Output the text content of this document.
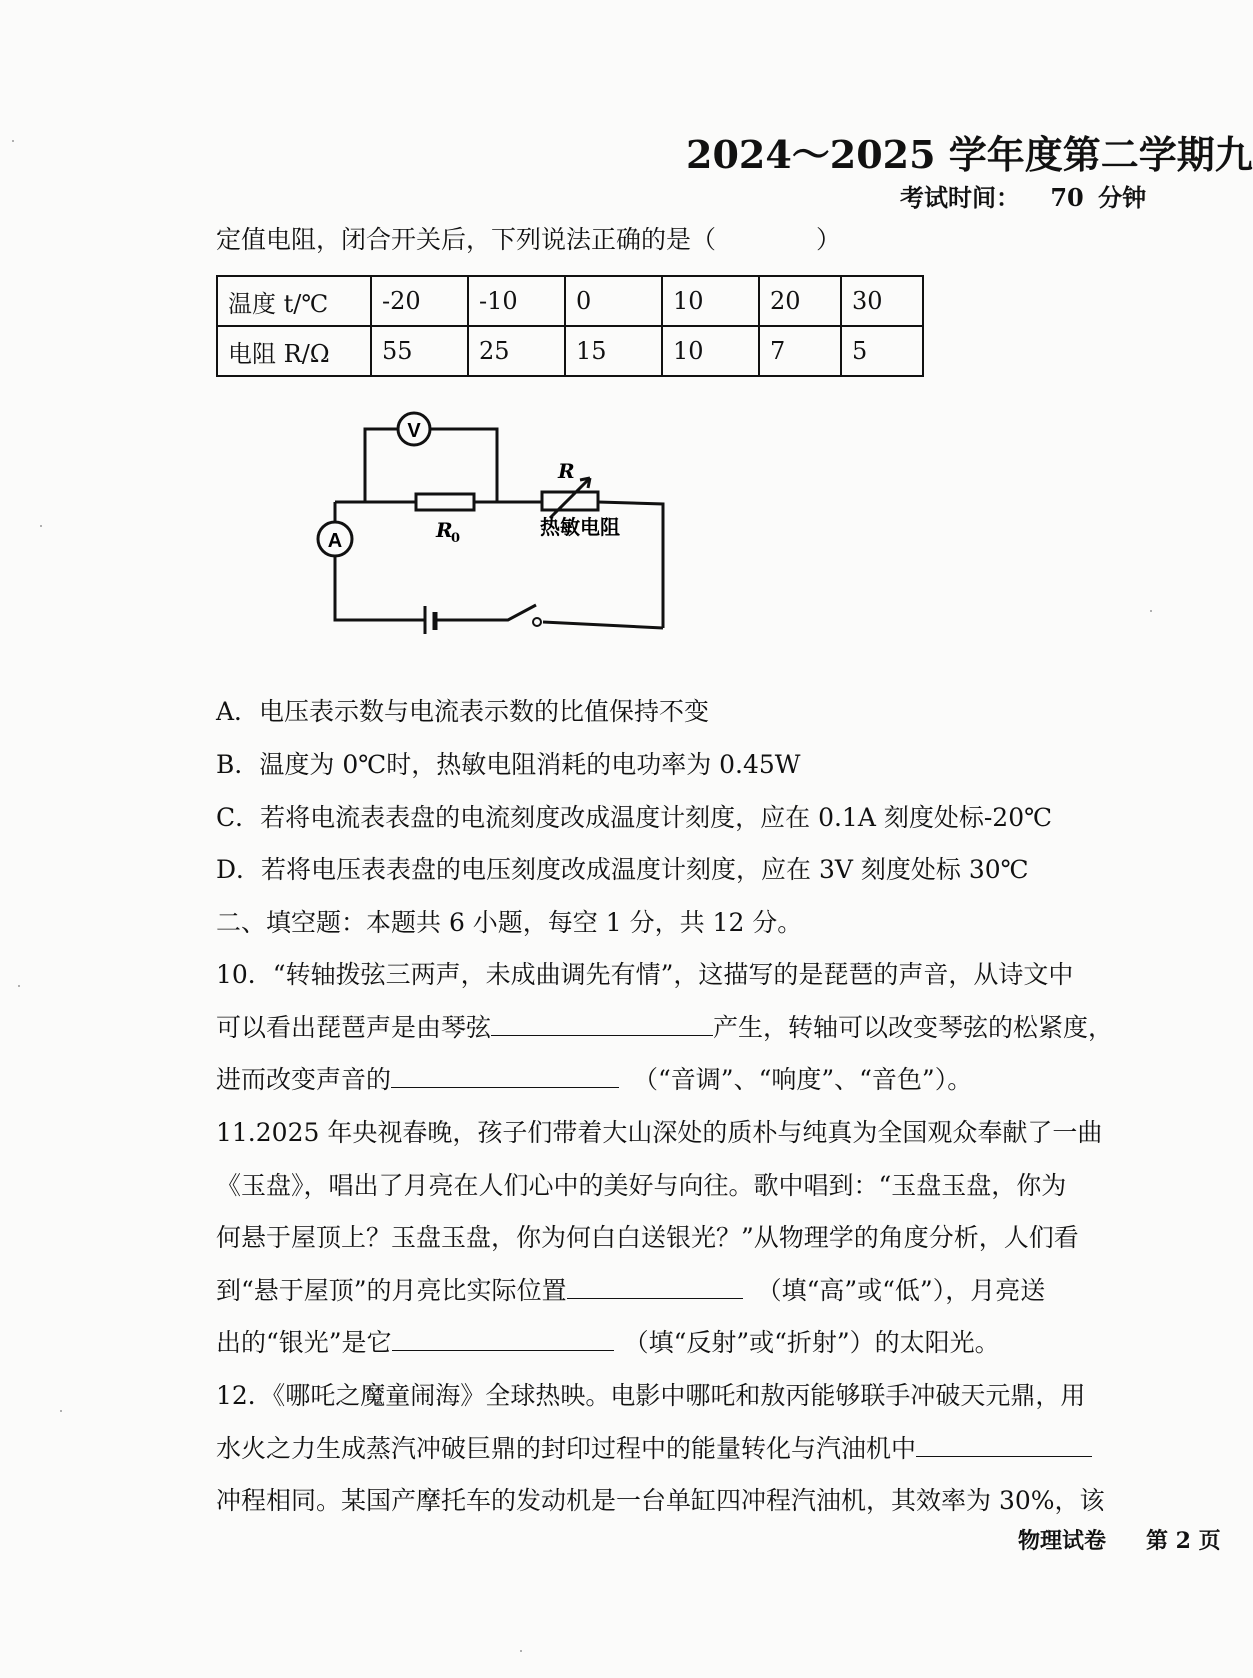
2024～2025 学年度第二学期九
考试时间： 70 分钟
定值电阻，闭合开关后，下列说法正确的是（　　　　）
温度 t/℃	-20	-10	0	10	20	30
电阻 R/Ω	55	25	15	10	7	5
V
A	R
0
R
热敏电阻
A．电压表示数与电流表示数的比值保持不变
B．温度为 0℃时，热敏电阻消耗的电功率为 0.45W
C．若将电流表表盘的电流刻度改成温度计刻度，应在 0.1A 刻度处标-20℃
D．若将电压表表盘的电压刻度改成温度计刻度，应在 3V 刻度处标 30℃
二、填空题：本题共 6 小题，每空 1 分，共 12 分。
10．“转轴拨弦三两声，未成曲调先有情”，这描写的是琵琶的声音，从诗文中
可以看出琵琶声是由琴弦	产生，转轴可以改变琴弦的松紧度，
进而改变声音的	（“音调”、“响度”、“音色”）。
11.2025 年央视春晚，孩子们带着大山深处的质朴与纯真为全国观众奉献了一曲
《玉盘》，唱出了月亮在人们心中的美好与向往。歌中唱到：“玉盘玉盘，你为
何悬于屋顶上？玉盘玉盘，你为何白白送银光？”从物理学的角度分析，人们看
到“悬于屋顶”的月亮比实际位置	（填“高”或“低”），月亮送
出的“银光”是它	（填“反射”或“折射”）的太阳光。
12．《哪吒之魔童闹海》全球热映。电影中哪吒和敖丙能够联手冲破天元鼎，用
水火之力生成蒸汽冲破巨鼎的封印过程中的能量转化与汽油机中
冲程相同。某国产摩托车的发动机是一台单缸四冲程汽油机，其效率为 30%，该
物理试卷 第 2 页
